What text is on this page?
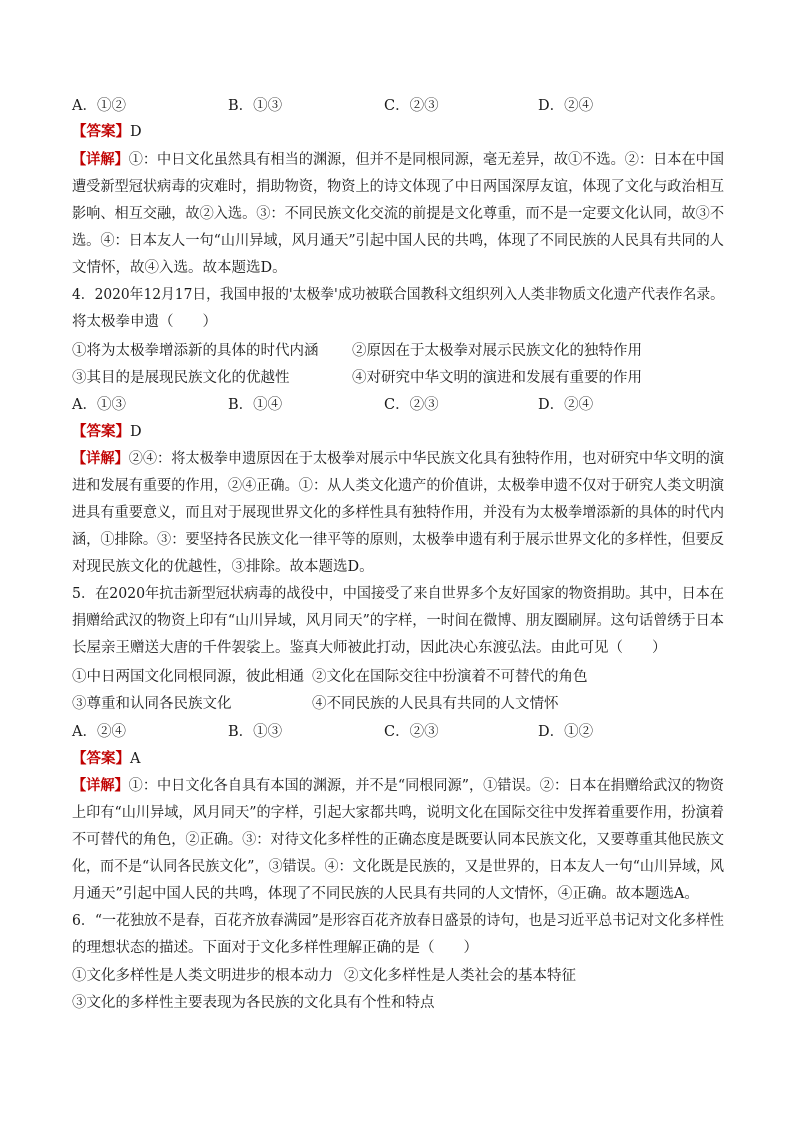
A．①②	B．①③	C．②③	D．②④
【答案】D
【详解】①：中日文化虽然具有相当的渊源，但并不是同根同源，毫无差异，故①不选。②：日本在中国
遭受新型冠状病毒的灾难时，捐助物资，物资上的诗文体现了中日两国深厚友谊，体现了文化与政治相互
影响、相互交融，故②入选。③：不同民族文化交流的前提是文化尊重，而不是一定要文化认同，故③不
选。④：日本友人一句“山川异域，风月通天”引起中国人民的共鸣，体现了不同民族的人民具有共同的人
文情怀，故④入选。故本题选D。
4．2020年12月17日，我国申报的'太极拳'成功被联合国教科文组织列入人类非物质文化遗产代表作名录。
将太极拳申遗（　　）
①将为太极拳增添新的具体的时代内涵 ②原因在于太极拳对展示民族文化的独特作用
③其目的是展现民族文化的优越性	④对研究中华文明的演进和发展有重要的作用
A．①③	B．①④	C．②③	D．②④
【答案】D
【详解】②④：将太极拳申遗原因在于太极拳对展示中华民族文化具有独特作用，也对研究中华文明的演
进和发展有重要的作用，②④正确。①：从人类文化遗产的价值讲，太极拳申遗不仅对于研究人类文明演
进具有重要意义，而且对于展现世界文化的多样性具有独特作用，并没有为太极拳增添新的具体的时代内
涵，①排除。③：要坚持各民族文化一律平等的原则，太极拳申遗有利于展示世界文化的多样性，但要反
对现民族文化的优越性，③排除。故本题选D。
5．在2020年抗击新型冠状病毒的战役中，中国接受了来自世界多个友好国家的物资捐助。其中，日本在
捐赠给武汉的物资上印有“山川异域，风月同天”的字样，一时间在微博、朋友圈刷屏。这句话曾绣于日本
长屋亲王赠送大唐的千件袈裟上。鉴真大师被此打动，因此决心东渡弘法。由此可见（　　）
①中日两国文化同根同源，彼此相通 ②文化在国际交往中扮演着不可替代的角色
③尊重和认同各民族文化	④不同民族的人民具有共同的人文情怀
A．②④	B．①③	C．②③	D．①②
【答案】A
【详解】①：中日文化各自具有本国的渊源，并不是“同根同源”，①错误。②：日本在捐赠给武汉的物资
上印有“山川异域，风月同天”的字样，引起大家都共鸣，说明文化在国际交往中发挥着重要作用，扮演着
不可替代的角色，②正确。③：对待文化多样性的正确态度是既要认同本民族文化，又要尊重其他民族文
化，而不是“认同各民族文化”，③错误。④：文化既是民族的，又是世界的，日本友人一句“山川异域，风
月通天”引起中国人民的共鸣，体现了不同民族的人民具有共同的人文情怀，④正确。故本题选A。
6．“一花独放不是春，百花齐放春满园”是形容百花齐放春日盛景的诗句，也是习近平总书记对文化多样性
的理想状态的描述。下面对于文化多样性理解正确的是（　　）
①文化多样性是人类文明进步的根本动力 ②文化多样性是人类社会的基本特征
③文化的多样性主要表现为各民族的文化具有个性和特点
